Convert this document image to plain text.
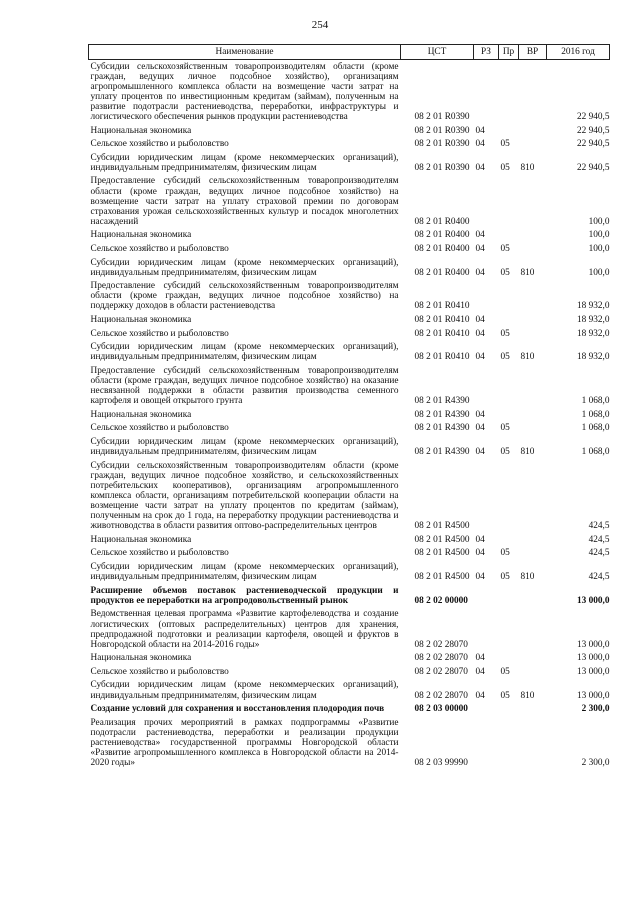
254
Наименование	ЦСТ	РЗ	Пр	ВР	2016 год
Субсидии сельскохозяйственным товаропроизводителям области (кроме граждан, ведущих личное подсобное хозяйство), организациям агропромышленного комплекса области на возмещение части затрат на уплату процентов по инвестиционным кредитам (займам), полученным на развитие подотрасли растениеводства, переработки, инфраструктуры и логистического обеспечения рынков продукции растениеводства	08 2 01 R0390				22 940,5
Национальная экономика	08 2 01 R0390	04			22 940,5
Сельское хозяйство и рыболовство	08 2 01 R0390	04	05		22 940,5
Субсидии юридическим лицам (кроме некоммерческих организаций), индивидуальным предпринимателям, физическим лицам	08 2 01 R0390	04	05	810	22 940,5
Предоставление субсидий сельскохозяйственным товаропроизводителям области (кроме граждан, ведущих личное подсобное хозяйство) на возмещение части затрат на уплату страховой премии по договорам страхования урожая сельскохозяйственных культур и посадок многолетних насаждений	08 2 01 R0400				100,0
Национальная экономика	08 2 01 R0400	04			100,0
Сельское хозяйство и рыболовство	08 2 01 R0400	04	05		100,0
Субсидии юридическим лицам (кроме некоммерческих организаций), индивидуальным предпринимателям, физическим лицам	08 2 01 R0400	04	05	810	100,0
Предоставление субсидий сельскохозяйственным товаропроизводителям области (кроме граждан, ведущих личное подсобное хозяйство) на поддержку доходов в области растениеводства	08 2 01 R0410				18 932,0
Национальная экономика	08 2 01 R0410	04			18 932,0
Сельское хозяйство и рыболовство	08 2 01 R0410	04	05		18 932,0
Субсидии юридическим лицам (кроме некоммерческих организаций), индивидуальным предпринимателям, физическим лицам	08 2 01 R0410	04	05	810	18 932,0
Предоставление субсидий сельскохозяйственным товаропроизводителям области (кроме граждан, ведущих личное подсобное хозяйство) на оказание несвязанной поддержки в области развития производства семенного картофеля и овощей открытого грунта	08 2 01 R4390				1 068,0
Национальная экономика	08 2 01 R4390	04			1 068,0
Сельское хозяйство и рыболовство	08 2 01 R4390	04	05		1 068,0
Субсидии юридическим лицам (кроме некоммерческих организаций), индивидуальным предпринимателям, физическим лицам	08 2 01 R4390	04	05	810	1 068,0
Субсидии сельскохозяйственным товаропроизводителям области (кроме граждан, ведущих личное подсобное хозяйство, и сельскохозяйственных потребительских кооперативов), организациям агропромышленного комплекса области, организациям потребительской кооперации области на возмещение части затрат на уплату процентов по кредитам (займам), полученным на срок до 1 года, на переработку продукции растениеводства и животноводства в области развития оптово-распределительных центров	08 2 01 R4500				424,5
Национальная экономика	08 2 01 R4500	04			424,5
Сельское хозяйство и рыболовство	08 2 01 R4500	04	05		424,5
Субсидии юридическим лицам (кроме некоммерческих организаций), индивидуальным предпринимателям, физическим лицам	08 2 01 R4500	04	05	810	424,5
Расширение объемов поставок растениеводческой продукции и продуктов ее переработки на агропродовольственный рынок	08 2 02 00000				13 000,0
Ведомственная целевая программа «Развитие картофелеводства и создание логистических (оптовых распределительных) центров для хранения, предпродажной подготовки и реализации картофеля, овощей и фруктов в Новгородской области на 2014-2016 годы»	08 2 02 28070				13 000,0
Национальная экономика	08 2 02 28070	04			13 000,0
Сельское хозяйство и рыболовство	08 2 02 28070	04	05		13 000,0
Субсидии юридическим лицам (кроме некоммерческих организаций), индивидуальным предпринимателям, физическим лицам	08 2 02 28070	04	05	810	13 000,0
Создание условий для сохранения и восстановления плодородия почв	08 2 03 00000				2 300,0
Реализация прочих мероприятий в рамках подпрограммы «Развитие подотрасли растениеводства, переработки и реализации продукции растениеводства» государственной программы Новгородской области «Развитие агропромышленного комплекса в Новгородской области на 2014-2020 годы»	08 2 03 99990				2 300,0
